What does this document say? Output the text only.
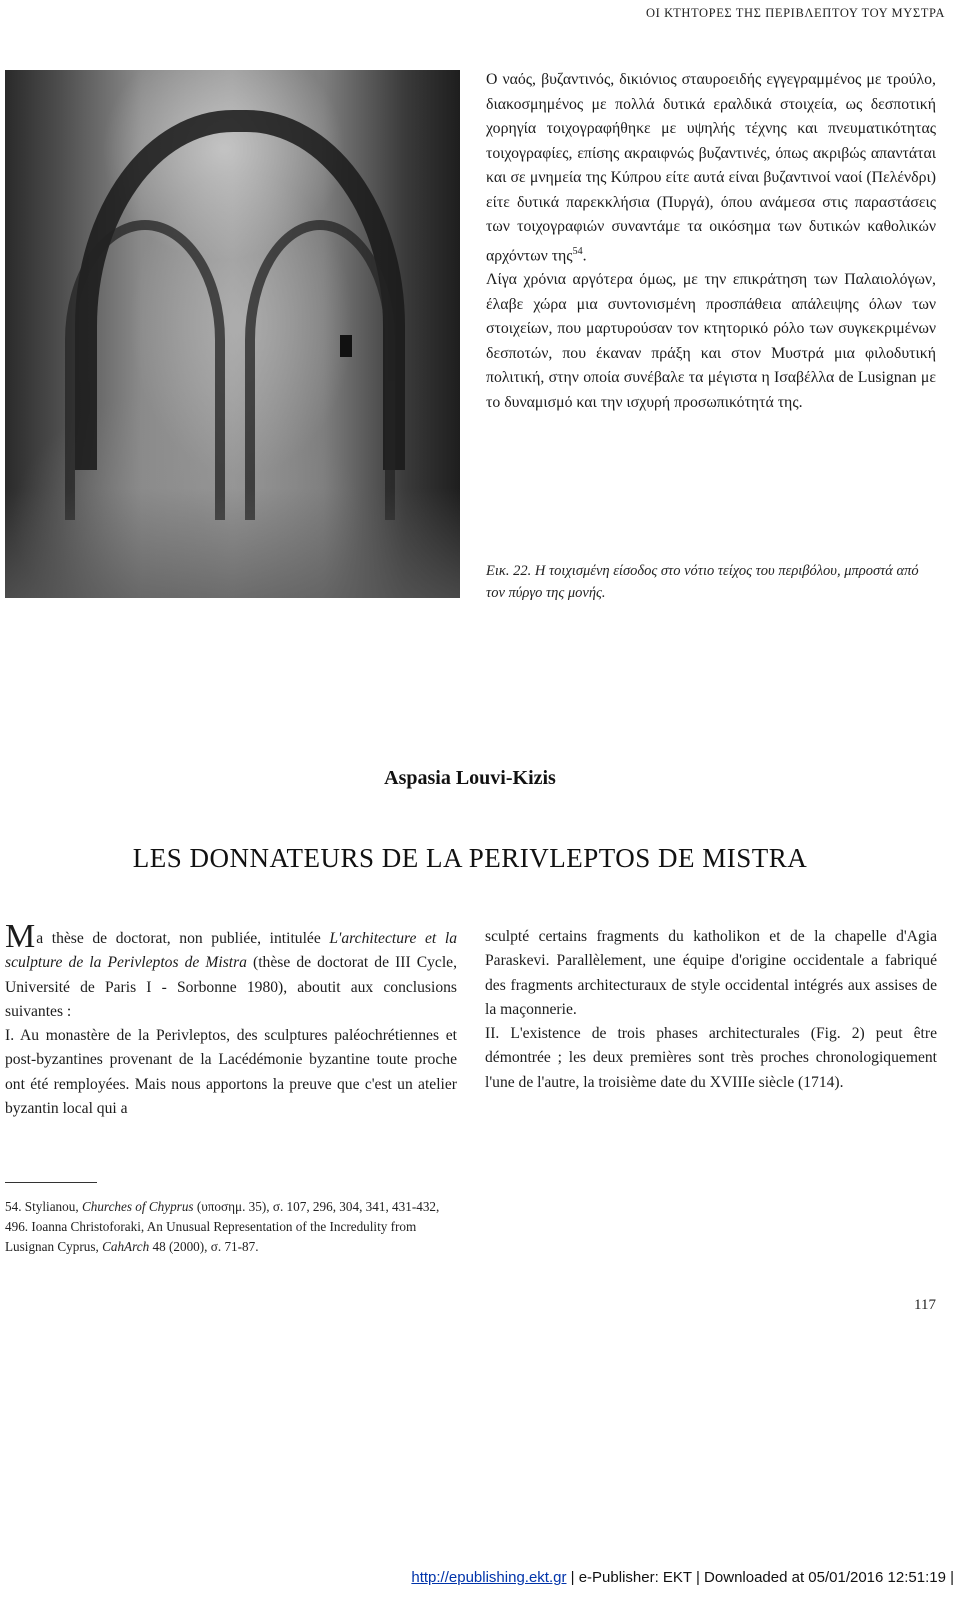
ΟΙ ΚΤΗΤΟΡΕΣ ΤΗΣ ΠΕΡΙΒΛΕΠΤΟΥ ΤΟΥ ΜΥΣΤΡΑ

Ο ναός, βυζαντινός, δικιόνιος σταυροειδής εγγεγραμμένος με τρούλο, διακοσμημένος με πολλά δυτικά εραλδικά στοιχεία, ως δεσποτική χορηγία τοιχογραφήθηκε με υψηλής τέχνης και πνευματικότητας τοιχογραφίες, επίσης ακραιφνώς βυζαντινές, όπως ακριβώς απαντάται και σε μνημεία της Κύπρου είτε αυτά είναι βυζαντινοί ναοί (Πελένδρι) είτε δυτικά παρεκκλήσια (Πυργά), όπου ανάμεσα στις παραστάσεις των τοιχογραφιών συναντάμε τα οικόσημα των δυτικών καθολικών αρχόντων της$^{54}$.

Λίγα χρόνια αργότερα όμως, με την επικράτηση των Παλαιολόγων, έλαβε χώρα μια συντονισμένη προσπάθεια απάλειψης όλων των στοιχείων, που μαρτυρούσαν τον κτητορικό ρόλο των συγκεκριμένων δεσποτών, που έκαναν πράξη και στον Μυστρά μια φιλοδυτική πολιτική, στην οποία συνέβαλε τα μέγιστα η Ισαβέλλα de Lusignan με το δυναμισμό και την ισχυρή προσωπικότητά της.

Εικ. 22. Η τοιχισμένη είσοδος στο νότιο τείχος του περιβόλου, μπροστά από τον πύργο της μονής.
Aspasia Louvi-Kizis
LES DONNATEURS DE LA PERIVLEPTOS DE MISTRA

Ma thèse de doctorat, non publiée, intitulée L'architecture et la sculpture de la Perivleptos de Mistra (thèse de doctorat de III Cycle, Université de Paris I - Sorbonne 1980), aboutit aux conclusions suivantes :

I. Au monastère de la Perivleptos, des sculptures paléochrétiennes et post-byzantines provenant de la Lacédémonie byzantine toute proche ont été remployées. Mais nous apportons la preuve que c'est un atelier byzantin local qui a

sculpté certains fragments du katholikon et de la chapelle d'Agia Paraskevi. Parallèlement, une équipe d'origine occidentale a fabriqué des fragments architecturaux de style occidental intégrés aux assises de la maçonnerie.

II. L'existence de trois phases architecturales (Fig. 2) peut être démontrée ; les deux premières sont très proches chronologiquement l'une de l'autre, la troisième date du XVIIIe siècle (1714).

54. Stylianou, Churches of Chyprus (υποσημ. 35), σ. 107, 296, 304, 341, 431-432, 496. Ioanna Christoforaki, An Unusual Representation of the Incredulity from Lusignan Cyprus, CahArch 48 (2000), σ. 71-87.
117
http://epublishing.ekt.gr | e-Publisher: EKT | Downloaded at 05/01/2016 12:51:19 |
